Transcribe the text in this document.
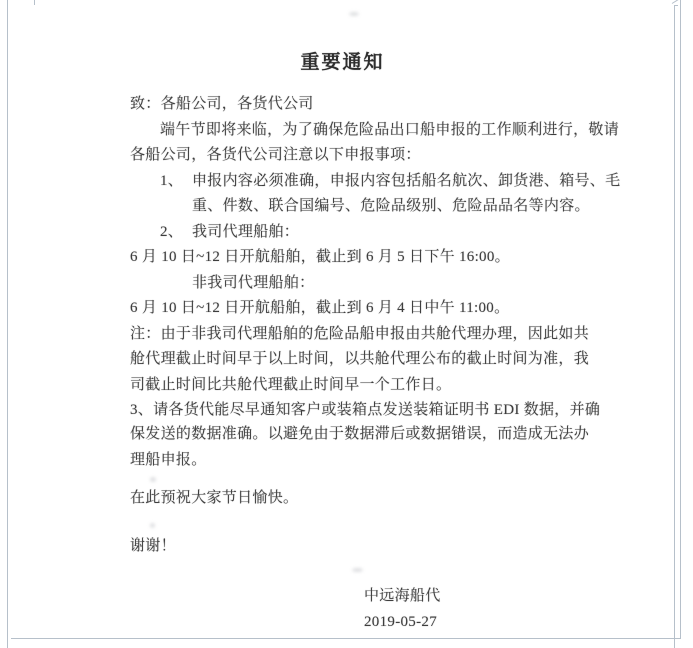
重要通知
致：各船公司，各货代公司
端午节即将来临，为了确保危险品出口船申报的工作顺利进行，敬请
各船公司，各货代公司注意以下申报事项：
1、 申报内容必须准确，申报内容包括船名航次、卸货港、箱号、毛
重、件数、联合国编号、危险品级别、危险品品名等内容。
2、 我司代理船舶：
6 月 10 日~12 日开航船舶，截止到 6 月 5 日下午 16:00。
非我司代理船舶：
6 月 10 日~12 日开航船舶，截止到 6 月 4 日中午 11:00。
注：由于非我司代理船舶的危险品船申报由共舱代理办理，因此如共
舱代理截止时间早于以上时间，以共舱代理公布的截止时间为准，我
司截止时间比共舱代理截止时间早一个工作日。
3、请各货代能尽早通知客户或装箱点发送装箱证明书 EDI 数据，并确
保发送的数据准确。以避免由于数据滞后或数据错误，而造成无法办
理船申报。
在此预祝大家节日愉快。
谢谢！
中远海船代
2019-05-27
